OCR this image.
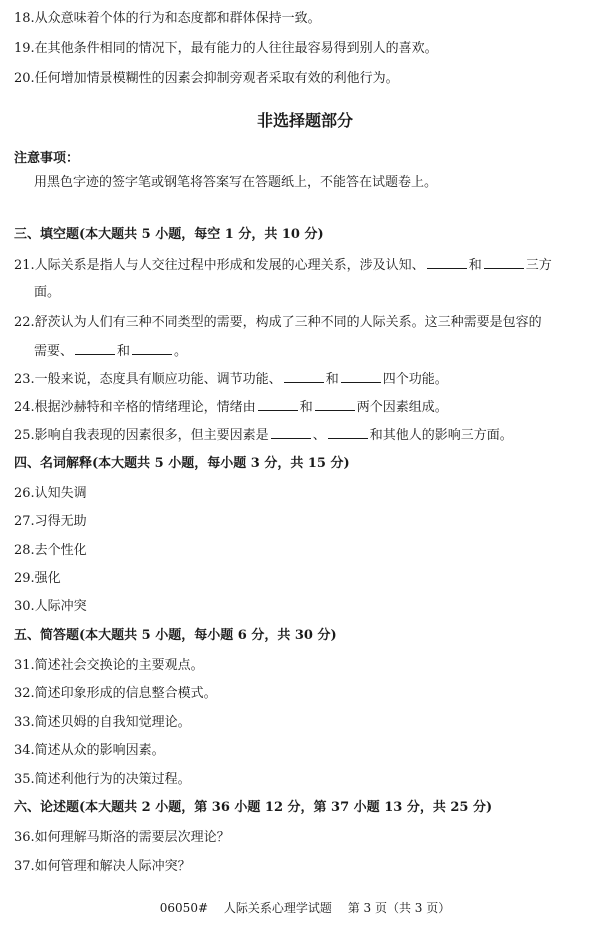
18.从众意味着个体的行为和态度都和群体保持一致。
19.在其他条件相同的情况下，最有能力的人往往最容易得到别人的喜欢。
20.任何增加情景模糊性的因素会抑制旁观者采取有效的利他行为。
非选择题部分
注意事项：
用黑色字迹的签字笔或钢笔将答案写在答题纸上，不能答在试题卷上。
三、填空题(本大题共 5 小题，每空 1 分，共 10 分)
21.人际关系是指人与人交往过程中形成和发展的心理关系，涉及认知、	和	三方
面。
22.舒茨认为人们有三种不同类型的需要，构成了三种不同的人际关系。这三种需要是包容的
需要、	和	。
23.一般来说，态度具有顺应功能、调节功能、	和	四个功能。
24.根据沙赫特和辛格的情绪理论，情绪由	和	两个因素组成。
25.影响自我表现的因素很多，但主要因素是	、	和其他人的影响三方面。
四、名词解释(本大题共 5 小题，每小题 3 分，共 15 分)
26.认知失调
27.习得无助
28.去个性化
29.强化
30.人际冲突
五、简答题(本大题共 5 小题，每小题 6 分，共 30 分)
31.简述社会交换论的主要观点。
32.简述印象形成的信息整合模式。
33.简述贝姆的自我知觉理论。
34.简述从众的影响因素。
35.简述利他行为的决策过程。
六、论述题(本大题共 2 小题，第 36 小题 12 分，第 37 小题 13 分，共 25 分)
36.如何理解马斯洛的需要层次理论？
37.如何管理和解决人际冲突？
06050# 人际关系心理学试题 第 3 页（共 3 页）
